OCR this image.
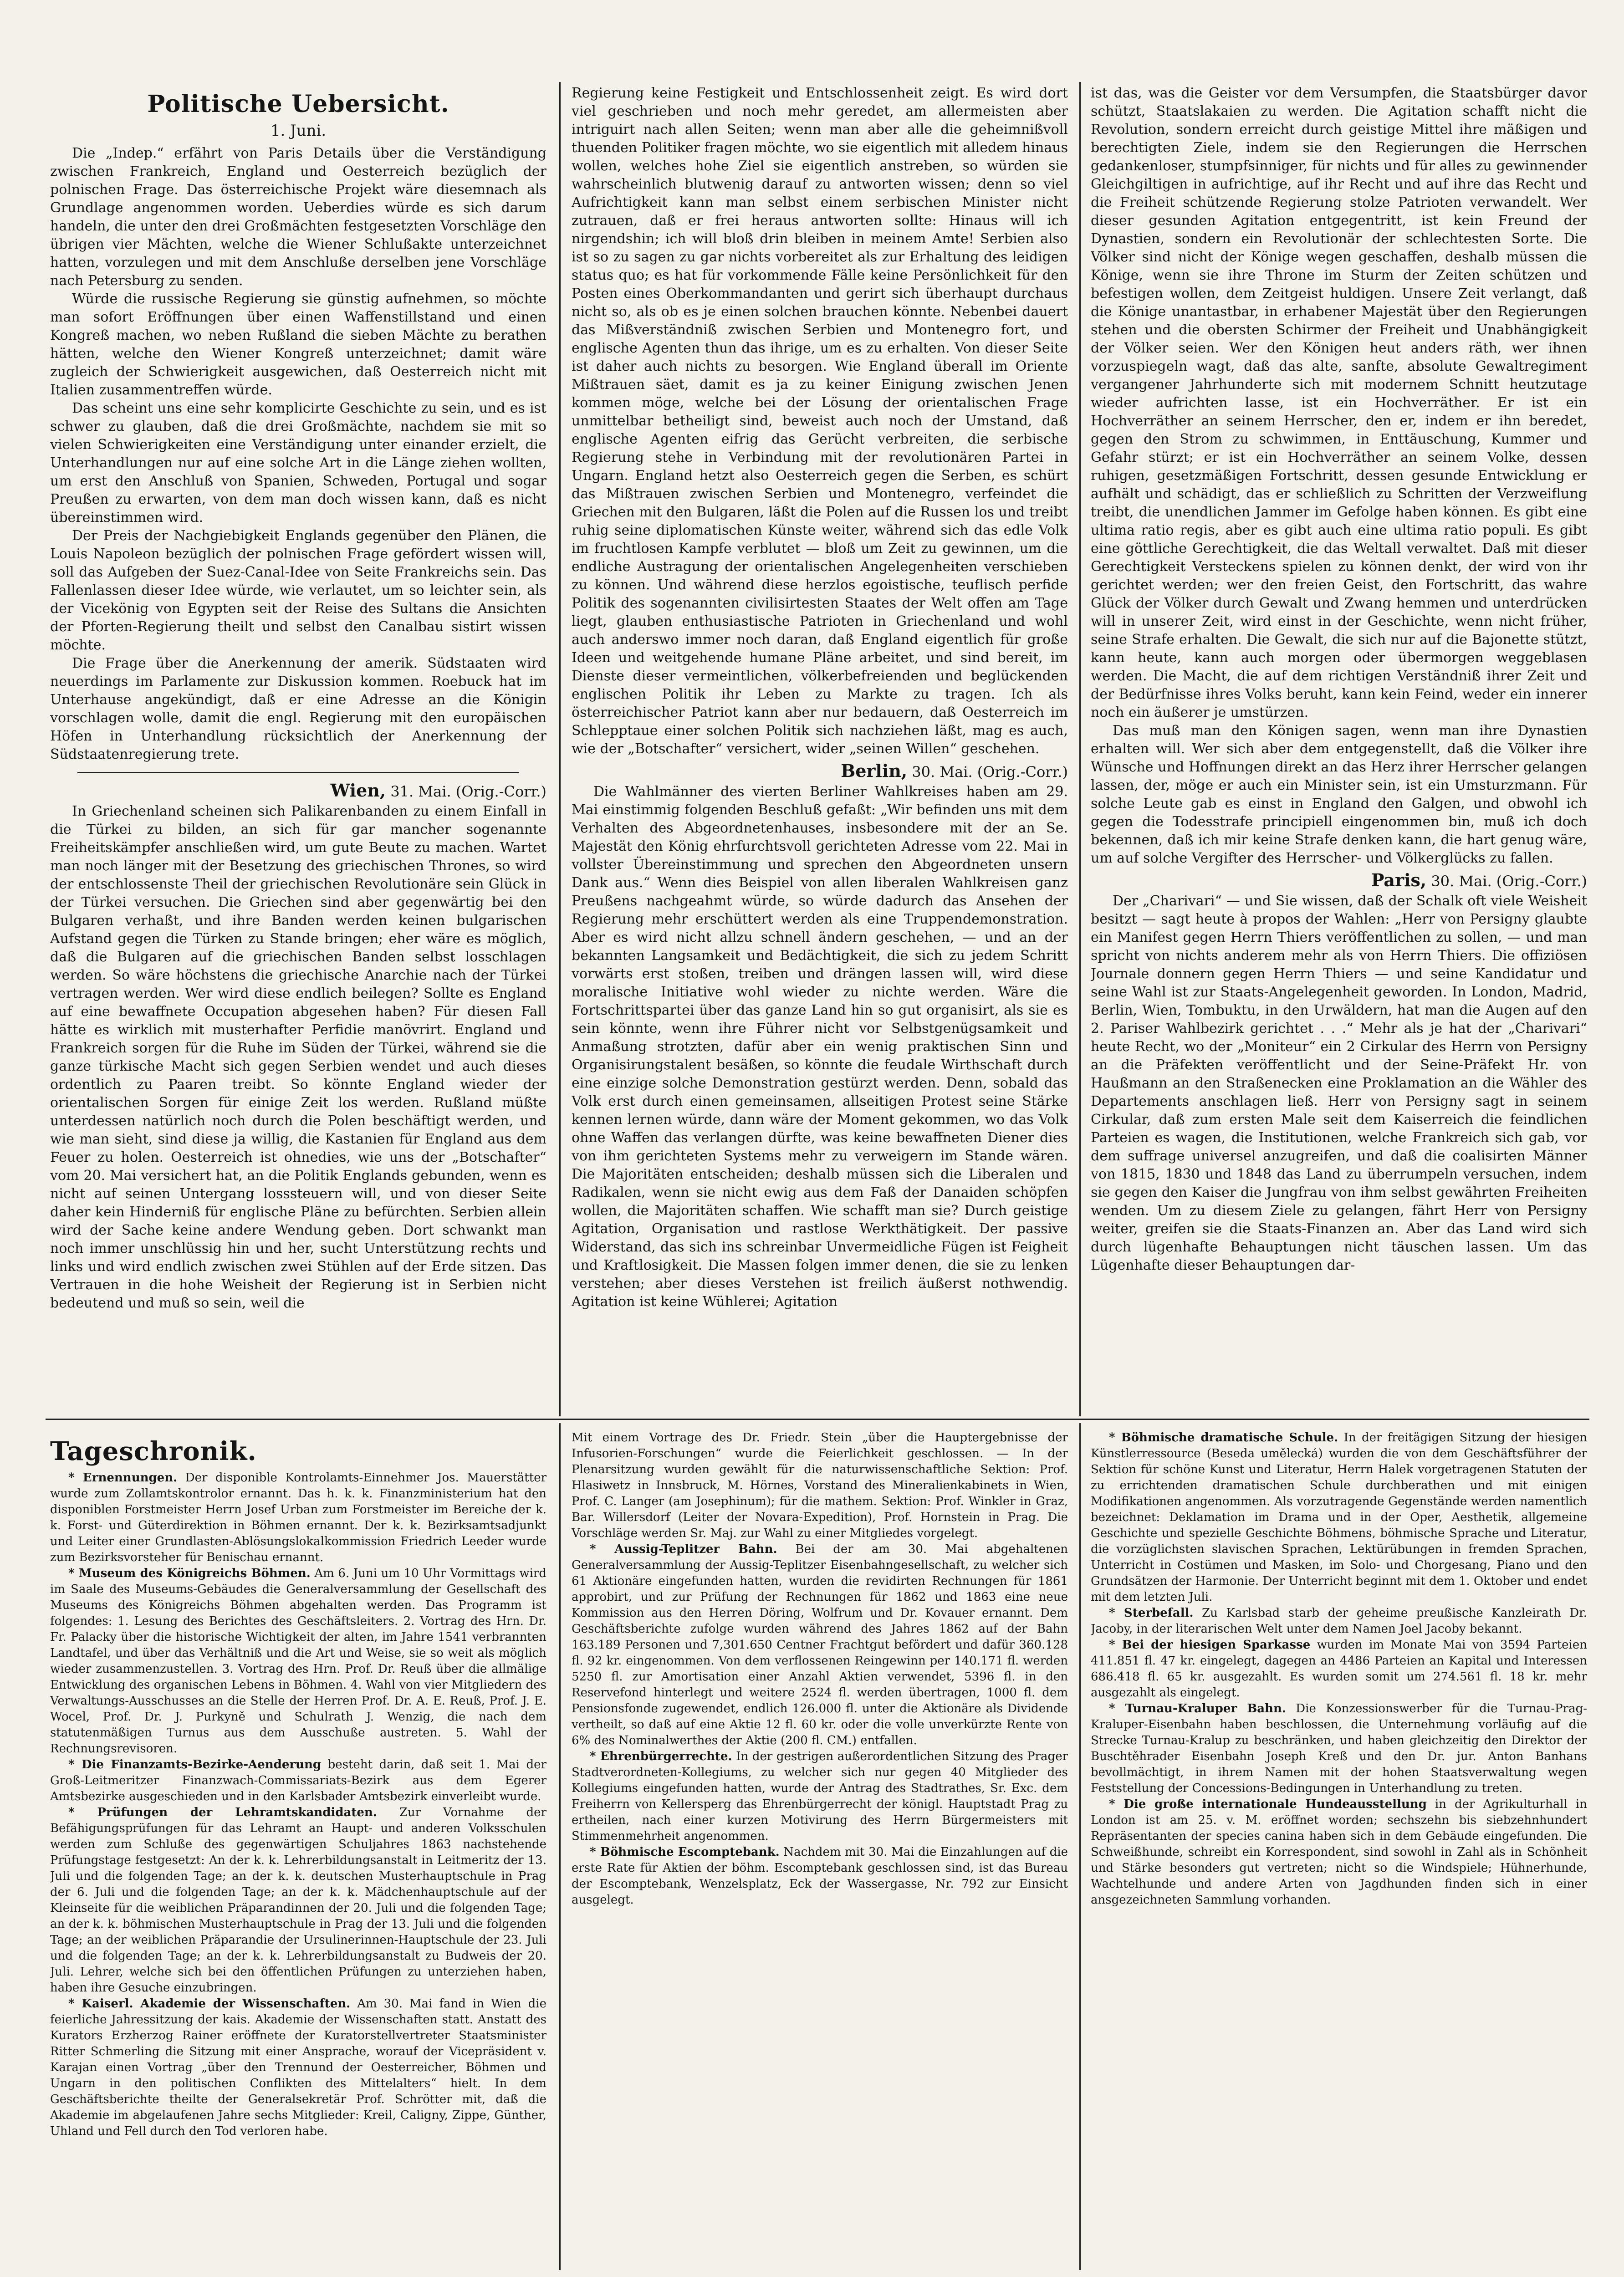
Politische Uebersicht.
1. Juni.

Die „Indep.“ erfährt von Paris Details über die Verständigung zwischen Frankreich, England und Oesterreich bezüglich der polnischen Frage. Das österreichische Projekt wäre diesemnach als Grundlage angenommen worden. Ueberdies würde es sich darum handeln, die unter den drei Großmächten festgesetzten Vorschläge den übrigen vier Mächten, welche die Wiener Schlußakte unterzeichnet hatten, vorzulegen und mit dem Anschluße derselben jene Vorschläge nach Petersburg zu senden.

Würde die russische Regierung sie günstig aufnehmen, so möchte man sofort Eröffnungen über einen Waffenstillstand und einen Kongreß machen, wo neben Rußland die sieben Mächte zu berathen hätten, welche den Wiener Kongreß unterzeichnet; damit wäre zugleich der Schwierigkeit ausgewichen, daß Oesterreich nicht mit Italien zusammentreffen würde.

Das scheint uns eine sehr komplicirte Geschichte zu sein, und es ist schwer zu glauben, daß die drei Großmächte, nachdem sie mit so vielen Schwierigkeiten eine Verständigung unter einander erzielt, die Unterhandlungen nur auf eine solche Art in die Länge ziehen wollten, um erst den Anschluß von Spanien, Schweden, Portugal und sogar Preußen zu erwarten, von dem man doch wissen kann, daß es nicht übereinstimmen wird.

Der Preis der Nachgiebigkeit Englands gegenüber den Plänen, die Louis Napoleon bezüglich der polnischen Frage gefördert wissen will, soll das Aufgeben der Suez-Canal-Idee von Seite Frankreichs sein. Das Fallenlassen dieser Idee würde, wie verlautet, um so leichter sein, als der Vicekönig von Egypten seit der Reise des Sultans die Ansichten der Pforten-Regierung theilt und selbst den Canalbau sistirt wissen möchte.

Die Frage über die Anerkennung der amerik. Südstaaten wird neuerdings im Parlamente zur Diskussion kommen. Roebuck hat im Unterhause angekündigt, daß er eine Adresse an die Königin vorschlagen wolle, damit die engl. Regierung mit den europäischen Höfen in Unterhandlung rücksichtlich der Anerkennung der Südstaatenregierung trete.

Wien, 31. Mai. (Orig.-Corr.)

In Griechenland scheinen sich Palikarenbanden zu einem Einfall in die Türkei zu bilden, an sich für gar mancher sogenannte Freiheitskämpfer anschließen wird, um gute Beute zu machen. Wartet man noch länger mit der Besetzung des griechischen Thrones, so wird der entschlossenste Theil der griechischen Revolutionäre sein Glück in der Türkei versuchen. Die Griechen sind aber gegenwärtig bei den Bulgaren verhaßt, und ihre Banden werden keinen bulgarischen Aufstand gegen die Türken zu Stande bringen; eher wäre es möglich, daß die Bulgaren auf die griechischen Banden selbst losschlagen werden. So wäre höchstens die griechische Anarchie nach der Türkei vertragen werden. Wer wird diese endlich beilegen? Sollte es England auf eine bewaffnete Occupation abgesehen haben? Für diesen Fall hätte es wirklich mit musterhafter Perfidie manövrirt. England und Frankreich sorgen für die Ruhe im Süden der Türkei, während sie die ganze türkische Macht sich gegen Serbien wendet und auch dieses ordentlich zu Paaren treibt. So könnte England wieder der orientalischen Sorgen für einige Zeit los werden. Rußland müßte unterdessen natürlich noch durch die Polen beschäftigt werden, und wie man sieht, sind diese ja willig, die Kastanien für England aus dem Feuer zu holen. Oesterreich ist ohnedies, wie uns der „Botschafter“ vom 20. Mai versichert hat, an die Politik Englands gebunden, wenn es nicht auf seinen Untergang losssteuern will, und von dieser Seite daher kein Hinderniß für englische Pläne zu befürchten. Serbien allein wird der Sache keine andere Wendung geben. Dort schwankt man noch immer unschlüssig hin und her, sucht Unterstützung rechts und links und wird endlich zwischen zwei Stühlen auf der Erde sitzen. Das Vertrauen in die hohe Weisheit der Regierung ist in Serbien nicht bedeutend und muß so sein, weil die

Regierung keine Festigkeit und Entschlossenheit zeigt. Es wird dort viel geschrieben und noch mehr geredet, am allermeisten aber intriguirt nach allen Seiten; wenn man aber alle die geheimnißvoll thuenden Politiker fragen möchte, wo sie eigentlich mit alledem hinaus wollen, welches hohe Ziel sie eigentlich anstreben, so würden sie wahrscheinlich blutwenig darauf zu antworten wissen; denn so viel Aufrichtigkeit kann man selbst einem serbischen Minister nicht zutrauen, daß er frei heraus antworten sollte: Hinaus will ich nirgendshin; ich will bloß drin bleiben in meinem Amte! Serbien also ist so zu sagen zu gar nichts vorbereitet als zur Erhaltung des leidigen status quo; es hat für vorkommende Fälle keine Persönlichkeit für den Posten eines Oberkommandanten und gerirt sich überhaupt durchaus nicht so, als ob es je einen solchen brauchen könnte. Nebenbei dauert das Mißverständniß zwischen Serbien und Montenegro fort, und englische Agenten thun das ihrige, um es zu erhalten. Von dieser Seite ist daher auch nichts zu besorgen. Wie England überall im Oriente Mißtrauen säet, damit es ja zu keiner Einigung zwischen Jenen kommen möge, welche bei der Lösung der orientalischen Frage unmittelbar betheiligt sind, beweist auch noch der Umstand, daß englische Agenten eifrig das Gerücht verbreiten, die serbische Regierung stehe in Verbindung mit der revolutionären Partei in Ungarn. England hetzt also Oesterreich gegen die Serben, es schürt das Mißtrauen zwischen Serbien und Montenegro, verfeindet die Griechen mit den Bulgaren, läßt die Polen auf die Russen los und treibt ruhig seine diplomatischen Künste weiter, während sich das edle Volk im fruchtlosen Kampfe verblutet — bloß um Zeit zu gewinnen, um die endliche Austragung der orientalischen Angelegenheiten verschieben zu können. Und während diese herzlos egoistische, teuflisch perfide Politik des sogenannten civilisirtesten Staates der Welt offen am Tage liegt, glauben enthusiastische Patrioten in Griechenland und wohl auch anderswo immer noch daran, daß England eigentlich für große Ideen und weitgehende humane Pläne arbeitet, und sind bereit, im Dienste dieser vermeintlichen, völkerbefreienden und beglückenden englischen Politik ihr Leben zu Markte zu tragen. Ich als österreichischer Patriot kann aber nur bedauern, daß Oesterreich im Schlepptaue einer solchen Politik sich nachziehen läßt, mag es auch, wie der „Botschafter“ versichert, wider „seinen Willen“ geschehen.

Berlin, 30. Mai. (Orig.-Corr.)

Die Wahlmänner des vierten Berliner Wahlkreises haben am 29. Mai einstimmig folgenden Beschluß gefaßt: „Wir befinden uns mit dem Verhalten des Abgeordnetenhauses, insbesondere mit der an Se. Majestät den König ehrfurchtsvoll gerichteten Adresse vom 22. Mai in vollster Übereinstimmung und sprechen den Abgeordneten unsern Dank aus.“ Wenn dies Beispiel von allen liberalen Wahlkreisen ganz Preußens nachgeahmt würde, so würde dadurch das Ansehen der Regierung mehr erschüttert werden als eine Truppendemonstration. Aber es wird nicht allzu schnell ändern geschehen, — und an der bekannten Langsamkeit und Bedächtigkeit, die sich zu jedem Schritt vorwärts erst stoßen, treiben und drängen lassen will, wird diese moralische Initiative wohl wieder zu nichte werden. Wäre die Fortschrittspartei über das ganze Land hin so gut organisirt, als sie es sein könnte, wenn ihre Führer nicht vor Selbstgenügsamkeit und Anmaßung strotzten, dafür aber ein wenig praktischen Sinn und Organisirungstalent besäßen, so könnte die feudale Wirthschaft durch eine einzige solche Demonstration gestürzt werden. Denn, sobald das Volk erst durch einen gemeinsamen, allseitigen Protest seine Stärke kennen lernen würde, dann wäre der Moment gekommen, wo das Volk ohne Waffen das verlangen dürfte, was keine bewaffneten Diener dies von ihm gerichteten Systems mehr zu verweigern im Stande wären. Die Majoritäten entscheiden; deshalb müssen sich die Liberalen und Radikalen, wenn sie nicht ewig aus dem Faß der Danaiden schöpfen wollen, die Majoritäten schaffen. Wie schafft man sie? Durch geistige Agitation, Organisation und rastlose Werkthätigkeit. Der passive Widerstand, das sich ins schreinbar Unvermeidliche Fügen ist Feigheit und Kraftlosigkeit. Die Massen folgen immer denen, die sie zu lenken verstehen; aber dieses Verstehen ist freilich äußerst nothwendig. Agitation ist keine Wühlerei; Agitation

ist das, was die Geister vor dem Versumpfen, die Staatsbürger davor schützt, Staatslakaien zu werden. Die Agitation schafft nicht die Revolution, sondern erreicht durch geistige Mittel ihre mäßigen und berechtigten Ziele, indem sie den Regierungen die Herrschen gedankenloser, stumpfsinniger, für nichts und für alles zu gewinnender Gleichgiltigen in aufrichtige, auf ihr Recht und auf ihre das Recht und die Freiheit schützende Regierung stolze Patrioten verwandelt. Wer dieser gesunden Agitation entgegentritt, ist kein Freund der Dynastien, sondern ein Revolutionär der schlechtesten Sorte. Die Völker sind nicht der Könige wegen geschaffen, deshalb müssen die Könige, wenn sie ihre Throne im Sturm der Zeiten schützen und befestigen wollen, dem Zeitgeist huldigen. Unsere Zeit verlangt, daß die Könige unantastbar, in erhabener Majestät über den Regierungen stehen und die obersten Schirmer der Freiheit und Unabhängigkeit der Völker seien. Wer den Königen heut anders räth, wer ihnen vorzuspiegeln wagt, daß das alte, sanfte, absolute Gewaltregiment vergangener Jahrhunderte sich mit modernem Schnitt heutzutage wieder aufrichten lasse, ist ein Hochverräther. Er ist ein Hochverräther an seinem Herrscher, den er, indem er ihn beredet, gegen den Strom zu schwimmen, in Enttäuschung, Kummer und Gefahr stürzt; er ist ein Hochverräther an seinem Volke, dessen ruhigen, gesetzmäßigen Fortschritt, dessen gesunde Entwicklung er aufhält und schädigt, das er schließlich zu Schritten der Verzweiflung treibt, die unendlichen Jammer im Gefolge haben können. Es gibt eine ultima ratio regis, aber es gibt auch eine ultima ratio populi. Es gibt eine göttliche Gerechtigkeit, die das Weltall verwaltet. Daß mit dieser Gerechtigkeit Versteckens spielen zu können denkt, der wird von ihr gerichtet werden; wer den freien Geist, den Fortschritt, das wahre Glück der Völker durch Gewalt und Zwang hemmen und unterdrücken will in unserer Zeit, wird einst in der Geschichte, wenn nicht früher, seine Strafe erhalten. Die Gewalt, die sich nur auf die Bajonette stützt, kann heute, kann auch morgen oder übermorgen weggeblasen werden. Die Macht, die auf dem richtigen Verständniß ihrer Zeit und der Bedürfnisse ihres Volks beruht, kann kein Feind, weder ein innerer noch ein äußerer je umstürzen.

Das muß man den Königen sagen, wenn man ihre Dynastien erhalten will. Wer sich aber dem entgegenstellt, daß die Völker ihre Wünsche und Hoffnungen direkt an das Herz ihrer Herrscher gelangen lassen, der, möge er auch ein Minister sein, ist ein Umsturzmann. Für solche Leute gab es einst in England den Galgen, und obwohl ich gegen die Todesstrafe principiell eingenommen bin, muß ich doch bekennen, daß ich mir keine Strafe denken kann, die hart genug wäre, um auf solche Vergifter des Herrscher- und Völkerglücks zu fallen.

Paris, 30. Mai. (Orig.-Corr.)

Der „Charivari“ — und Sie wissen, daß der Schalk oft viele Weisheit besitzt — sagt heute à propos der Wahlen: „Herr von Persigny glaubte ein Manifest gegen Herrn Thiers veröffentlichen zu sollen, — und man spricht von nichts anderem mehr als von Herrn Thiers. Die offiziösen Journale donnern gegen Herrn Thiers — und seine Kandidatur und seine Wahl ist zur Staats-Angelegenheit geworden. In London, Madrid, Berlin, Wien, Tombuktu, in den Urwäldern, hat man die Augen auf den 2. Pariser Wahlbezirk gerichtet . . .“ Mehr als je hat der „Charivari“ heute Recht, wo der „Moniteur“ ein 2 Cirkular des Herrn von Persigny an die Präfekten veröffentlicht und der Seine-Präfekt Hr. von Haußmann an den Straßenecken eine Proklamation an die Wähler des Departements anschlagen ließ. Herr von Persigny sagt in seinem Cirkular, daß zum ersten Male seit dem Kaiserreich die feindlichen Parteien es wagen, die Institutionen, welche Frankreich sich gab, vor dem suffrage universel anzugreifen, und daß die coalisirten Männer von 1815, 1830 und 1848 das Land zu überrumpeln versuchen, indem sie gegen den Kaiser die Jungfrau von ihm selbst gewährten Freiheiten wenden. Um zu diesem Ziele zu gelangen, fährt Herr von Persigny weiter, greifen sie die Staats-Finanzen an. Aber das Land wird sich durch lügenhafte Behauptungen nicht täuschen lassen. Um das Lügenhafte dieser Behauptungen dar-

Tageschronik.

* Ernennungen. Der disponible Kontrolamts-Einnehmer Jos. Mauerstätter wurde zum Zollamtskontrolor ernannt. Das h. k. k. Finanzministerium hat den disponiblen Forstmeister Herrn Josef Urban zum Forstmeister im Bereiche der k. k. Forst- und Güterdirektion in Böhmen ernannt. Der k. k. Bezirksamtsadjunkt und Leiter einer Grundlasten-Ablösungslokalkommission Friedrich Leeder wurde zum Bezirksvorsteher für Benischau ernannt.

* Museum des Königreichs Böhmen. Am 6. Juni um 10 Uhr Vormittags wird im Saale des Museums-Gebäudes die Generalversammlung der Gesellschaft des Museums des Königreichs Böhmen abgehalten werden. Das Programm ist folgendes: 1. Lesung des Berichtes des Geschäftsleiters. 2. Vortrag des Hrn. Dr. Fr. Palacky über die historische Wichtigkeit der alten, im Jahre 1541 verbrannten Landtafel, und über das Verhältniß und die Art und Weise, sie so weit als möglich wieder zusammenzustellen. 3. Vortrag des Hrn. Prof. Dr. Reuß über die allmälige Entwicklung des organischen Lebens in Böhmen. 4. Wahl von vier Mitgliedern des Verwaltungs-Ausschusses an die Stelle der Herren Prof. Dr. A. E. Reuß, Prof. J. E. Wocel, Prof. Dr. J. Purkyně und Schulrath J. Wenzig, die nach dem statutenmäßigen Turnus aus dem Ausschuße austreten. 5. Wahl der Rechnungsrevisoren.

* Die Finanzamts-Bezirke-Aenderung besteht darin, daß seit 1. Mai der Groß-Leitmeritzer Finanzwach-Commissariats-Bezirk aus dem Egerer Amtsbezirke ausgeschieden und in den Karlsbader Amtsbezirk einverleibt wurde.

* Prüfungen der Lehramtskandidaten. Zur Vornahme der Befähigungsprüfungen für das Lehramt an Haupt- und anderen Volksschulen werden zum Schluße des gegenwärtigen Schuljahres 1863 nachstehende Prüfungstage festgesetzt: An der k. k. Lehrerbildungsanstalt in Leitmeritz der 13. Juli und die folgenden Tage; an der k. k. deutschen Musterhauptschule in Prag der 6. Juli und die folgenden Tage; an der k. k. Mädchenhauptschule auf der Kleinseite für die weiblichen Präparandinnen der 20. Juli und die folgenden Tage; an der k. k. böhmischen Musterhauptschule in Prag der 13. Juli und die folgenden Tage; an der weiblichen Präparandie der Ursulinerinnen-Hauptschule der 23. Juli und die folgenden Tage; an der k. k. Lehrerbildungsanstalt zu Budweis der 20. Juli. Lehrer, welche sich bei den öffentlichen Prüfungen zu unterziehen haben, haben ihre Gesuche einzubringen.

* Kaiserl. Akademie der Wissenschaften. Am 30. Mai fand in Wien die feierliche Jahressitzung der kais. Akademie der Wissenschaften statt. Anstatt des Kurators Erzherzog Rainer eröffnete der Kuratorstellvertreter Staatsminister Ritter Schmerling die Sitzung mit einer Ansprache, worauf der Vicepräsident v. Karajan einen Vortrag „über den Trennund der Oesterreicher, Böhmen und Ungarn in den politischen Conflikten des Mittelalters“ hielt. In dem Geschäftsberichte theilte der Generalsekretär Prof. Schrötter mit, daß die Akademie im abgelaufenen Jahre sechs Mitglieder: Kreil, Caligny, Zippe, Günther, Uhland und Fell durch den Tod verloren habe.

Mit einem Vortrage des Dr. Friedr. Stein „über die Hauptergebnisse der Infusorien-Forschungen“ wurde die Feierlichkeit geschlossen. — In der Plenarsitzung wurden gewählt für die naturwissenschaftliche Sektion: Prof. Hlasiwetz in Innsbruck, M. Hörnes, Vorstand des Mineralienkabinets in Wien, Prof. C. Langer (am Josephinum); für die mathem. Sektion: Prof. Winkler in Graz, Bar. Willersdorf (Leiter der Novara-Expedition), Prof. Hornstein in Prag. Die Vorschläge werden Sr. Maj. zur Wahl zu einer Mitgliedes vorgelegt.

* Aussig-Teplitzer Bahn. Bei der am 30. Mai abgehaltenen Generalversammlung der Aussig-Teplitzer Eisenbahngesellschaft, zu welcher sich 61 Aktionäre eingefunden hatten, wurden die revidirten Rechnungen für 1861 approbirt, und zur Prüfung der Rechnungen für 1862 und 1863 eine neue Kommission aus den Herren Döring, Wolfrum und Dr. Kovauer ernannt. Dem Geschäftsberichte zufolge wurden während des Jahres 1862 auf der Bahn 163.189 Personen und 7,301.650 Centner Frachtgut befördert und dafür 360.128 fl. 92 kr. eingenommen. Von dem verflossenen Reingewinn per 140.171 fl. werden 5250 fl. zur Amortisation einer Anzahl Aktien verwendet, 5396 fl. in den Reservefond hinterlegt und weitere 2524 fl. werden übertragen, 1000 fl. dem Pensionsfonde zugewendet, endlich 126.000 fl. unter die Aktionäre als Dividende vertheilt, so daß auf eine Aktie 12 fl. 60 kr. oder die volle unverkürzte Rente von 6% des Nominalwerthes der Aktie (200 fl. CM.) entfallen.

* Ehrenbürgerrechte. In der gestrigen außerordentlichen Sitzung des Prager Stadtverordneten-Kollegiums, zu welcher sich nur gegen 40 Mitglieder des Kollegiums eingefunden hatten, wurde der Antrag des Stadtrathes, Sr. Exc. dem Freiherrn von Kellersperg das Ehrenbürgerrecht der königl. Hauptstadt Prag zu ertheilen, nach einer kurzen Motivirung des Herrn Bürgermeisters mit Stimmenmehrheit angenommen.

* Böhmische Escomptebank. Nachdem mit 30. Mai die Einzahlungen auf die erste Rate für Aktien der böhm. Escomptebank geschlossen sind, ist das Bureau der Escomptebank, Wenzelsplatz, Eck der Wassergasse, Nr. 792 zur Einsicht ausgelegt.

* Böhmische dramatische Schule. In der freitägigen Sitzung der hiesigen Künstlerressource (Beseda umělecká) wurden die von dem Geschäftsführer der Sektion für schöne Kunst und Literatur, Herrn Halek vorgetragenen Statuten der zu errichtenden dramatischen Schule durchberathen und mit einigen Modifikationen angenommen. Als vorzutragende Gegenstände werden namentlich bezeichnet: Deklamation im Drama und in der Oper, Aesthetik, allgemeine Geschichte und spezielle Geschichte Böhmens, böhmische Sprache und Literatur, die vorzüglichsten slavischen Sprachen, Lektürübungen in fremden Sprachen, Unterricht in Costümen und Masken, im Solo- und Chorgesang, Piano und den Grundsätzen der Harmonie. Der Unterricht beginnt mit dem 1. Oktober und endet mit dem letzten Juli.

* Sterbefall. Zu Karlsbad starb der geheime preußische Kanzleirath Dr. Jacoby, in der literarischen Welt unter dem Namen Joel Jacoby bekannt.

* Bei der hiesigen Sparkasse wurden im Monate Mai von 3594 Parteien 411.851 fl. 47 kr. eingelegt, dagegen an 4486 Parteien an Kapital und Interessen 686.418 fl. 65 kr. ausgezahlt. Es wurden somit um 274.561 fl. 18 kr. mehr ausgezahlt als eingelegt.

* Turnau-Kraluper Bahn. Die Konzessionswerber für die Turnau-Prag-Kraluper-Eisenbahn haben beschlossen, die Unternehmung vorläufig auf die Strecke Turnau-Kralup zu beschränken, und haben gleichzeitig den Direktor der Buschtěhrader Eisenbahn Joseph Kreß und den Dr. jur. Anton Banhans bevollmächtigt, in ihrem Namen mit der hohen Staatsverwaltung wegen Feststellung der Concessions-Bedingungen in Unterhandlung zu treten.

* Die große internationale Hundeausstellung in der Agrikulturhall in London ist am 25. v. M. eröffnet worden; sechszehn bis siebzehnhundert Repräsentanten der species canina haben sich in dem Gebäude eingefunden. Die Schweißhunde, schreibt ein Korrespondent, sind sowohl in Zahl als in Schönheit und Stärke besonders gut vertreten; nicht so die Windspiele; Hühnerhunde, Wachtelhunde und andere Arten von Jagdhunden finden sich in einer ansgezeichneten Sammlung vorhanden.
